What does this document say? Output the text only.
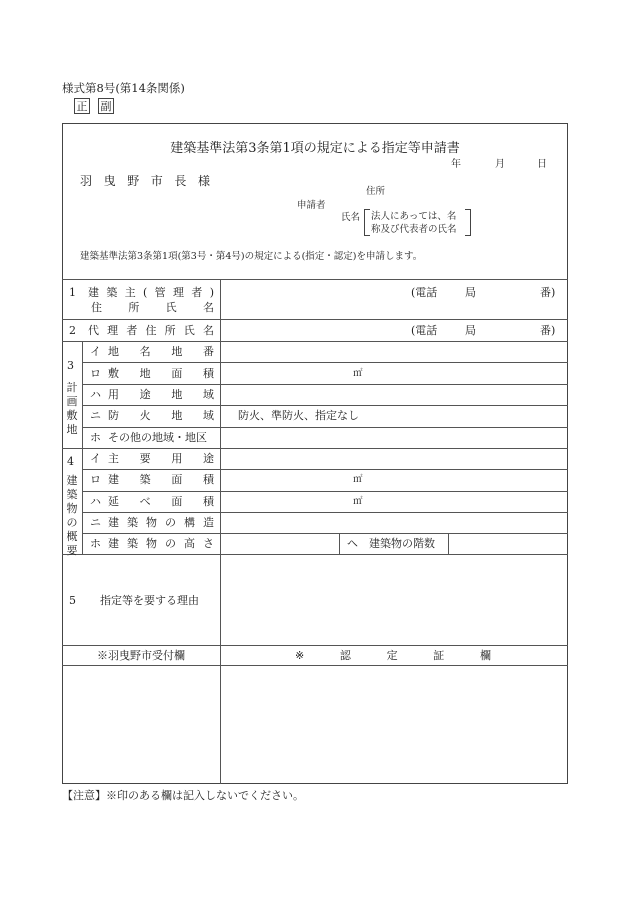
様式第8号(第14条関係)
正 副
建築基準法第3条第1項の規定による指定等申請書
年	月	日
羽 曳 野 市 長 様
住所
申請者
氏名 法人にあっては、名
称及び代表者の氏名
建築基準法第3条第1項(第3号・第4号)の規定による(指定・認定)を申請します。
1 建 築 主 ( 管 理 者 )
住 所 氏 名
(電話	局	番)
2 代 理 者 住 所 氏 名	(電話	局	番)
3
計
画
敷
地
イ 地 名 地 番
ロ 敷 地 面 積	㎡
ハ 用 途 地 域
ニ 防 火 地 域 防火、準防火、指定なし
ホ その他の地域・地区
4
建
築
物
の
概
要
イ 主 要 用 途
ロ 建 築 面 積	㎡
ハ 延 べ 面 積	㎡
ニ 建 築 物 の 構 造
ホ 建 築 物 の 高 さ	ヘ　建築物の階数
5 指定等を要する理由
※羽曳野市受付欄	※	認	定	証	欄
【注意】※印のある欄は記入しないでください。
